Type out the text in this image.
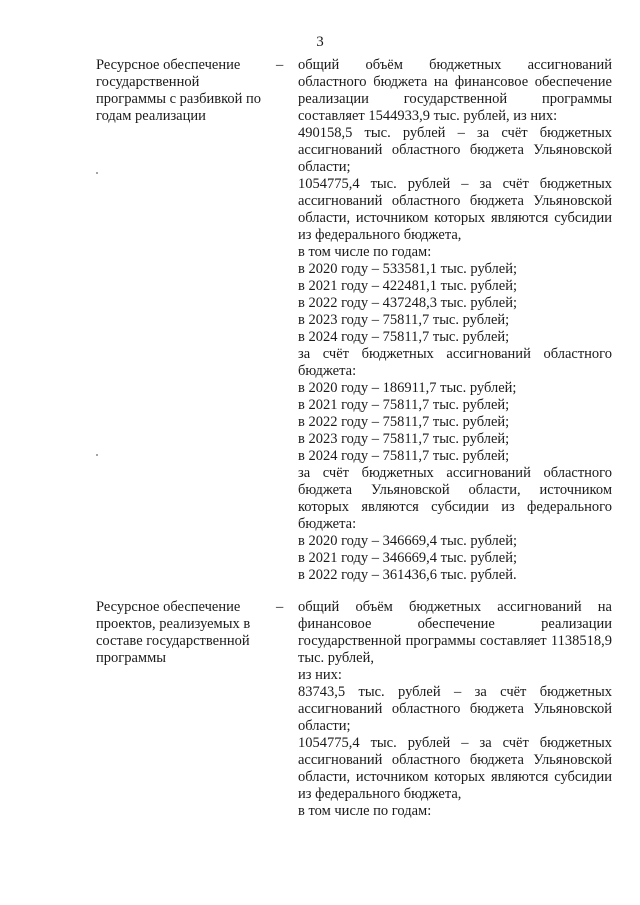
3
Ресурсное обеспечение государственной программы с разбивкой по годам реализации
– общий объём бюджетных ассигнований областного бюджета на финансовое обеспечение реализации государственной программы составляет 1544933,9 тыс. рублей, из них:

490158,5 тыс. рублей – за счёт бюджетных ассигнований областного бюджета Ульяновской области;

1054775,4 тыс. рублей – за счёт бюджетных ассигнований областного бюджета Ульяновской области, источником которых являются субсидии из федерального бюджета,

в том числе по годам:

в 2020 году – 533581,1 тыс. рублей;

в 2021 году – 422481,1 тыс. рублей;

в 2022 году – 437248,3 тыс. рублей;

в 2023 году – 75811,7 тыс. рублей;

в 2024 году – 75811,7 тыс. рублей;

за счёт бюджетных ассигнований областного бюджета:

в 2020 году – 186911,7 тыс. рублей;

в 2021 году – 75811,7 тыс. рублей;

в 2022 году – 75811,7 тыс. рублей;

в 2023 году – 75811,7 тыс. рублей;

в 2024 году – 75811,7 тыс. рублей;

за счёт бюджетных ассигнований областного бюджета Ульяновской области, источником которых являются субсидии из федерального бюджета:

в 2020 году – 346669,4 тыс. рублей;

в 2021 году – 346669,4 тыс. рублей;

в 2022 году – 361436,6 тыс. рублей.

Ресурсное обеспечение проектов, реализуемых в составе государственной программы
– общий объём бюджетных ассигнований на финансовое обеспечение реализации государственной программы составляет 1138518,9 тыс. рублей,

из них:

83743,5 тыс. рублей – за счёт бюджетных ассигнований областного бюджета Ульяновской области;

1054775,4 тыс. рублей – за счёт бюджетных ассигнований областного бюджета Ульяновской области, источником которых являются субсидии из федерального бюджета,

в том числе по годам:
